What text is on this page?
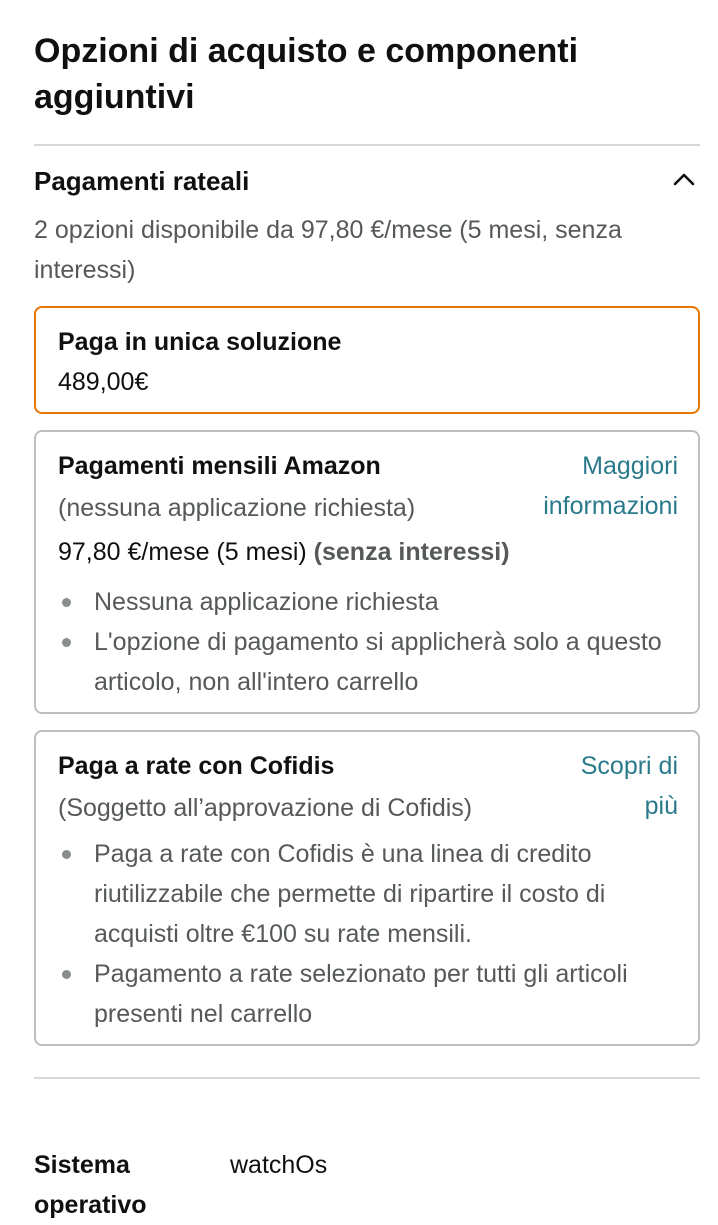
Opzioni di acquisto e componenti aggiuntivi
Pagamenti rateali
2 opzioni disponibile da 97,80 €/mese (5 mesi, senza interessi)
Paga in unica soluzione
489,00€
Pagamenti mensili Amazon	Maggiori informazioni
(nessuna applicazione richiesta)
97,80 €/mese (5 mesi) (senza interessi)
Nessuna applicazione richiesta
L'opzione di pagamento si applicherà solo a questo articolo, non all'intero carrello
Paga a rate con Cofidis	Scopri di più
(Soggetto all’approvazione di Cofidis)
Paga a rate con Cofidis è una linea di credito riutilizzabile che permette di ripartire il costo di acquisti oltre €100 su rate mensili.
Pagamento a rate selezionato per tutti gli articoli presenti nel carrello
Sistema operativo
watchOs
